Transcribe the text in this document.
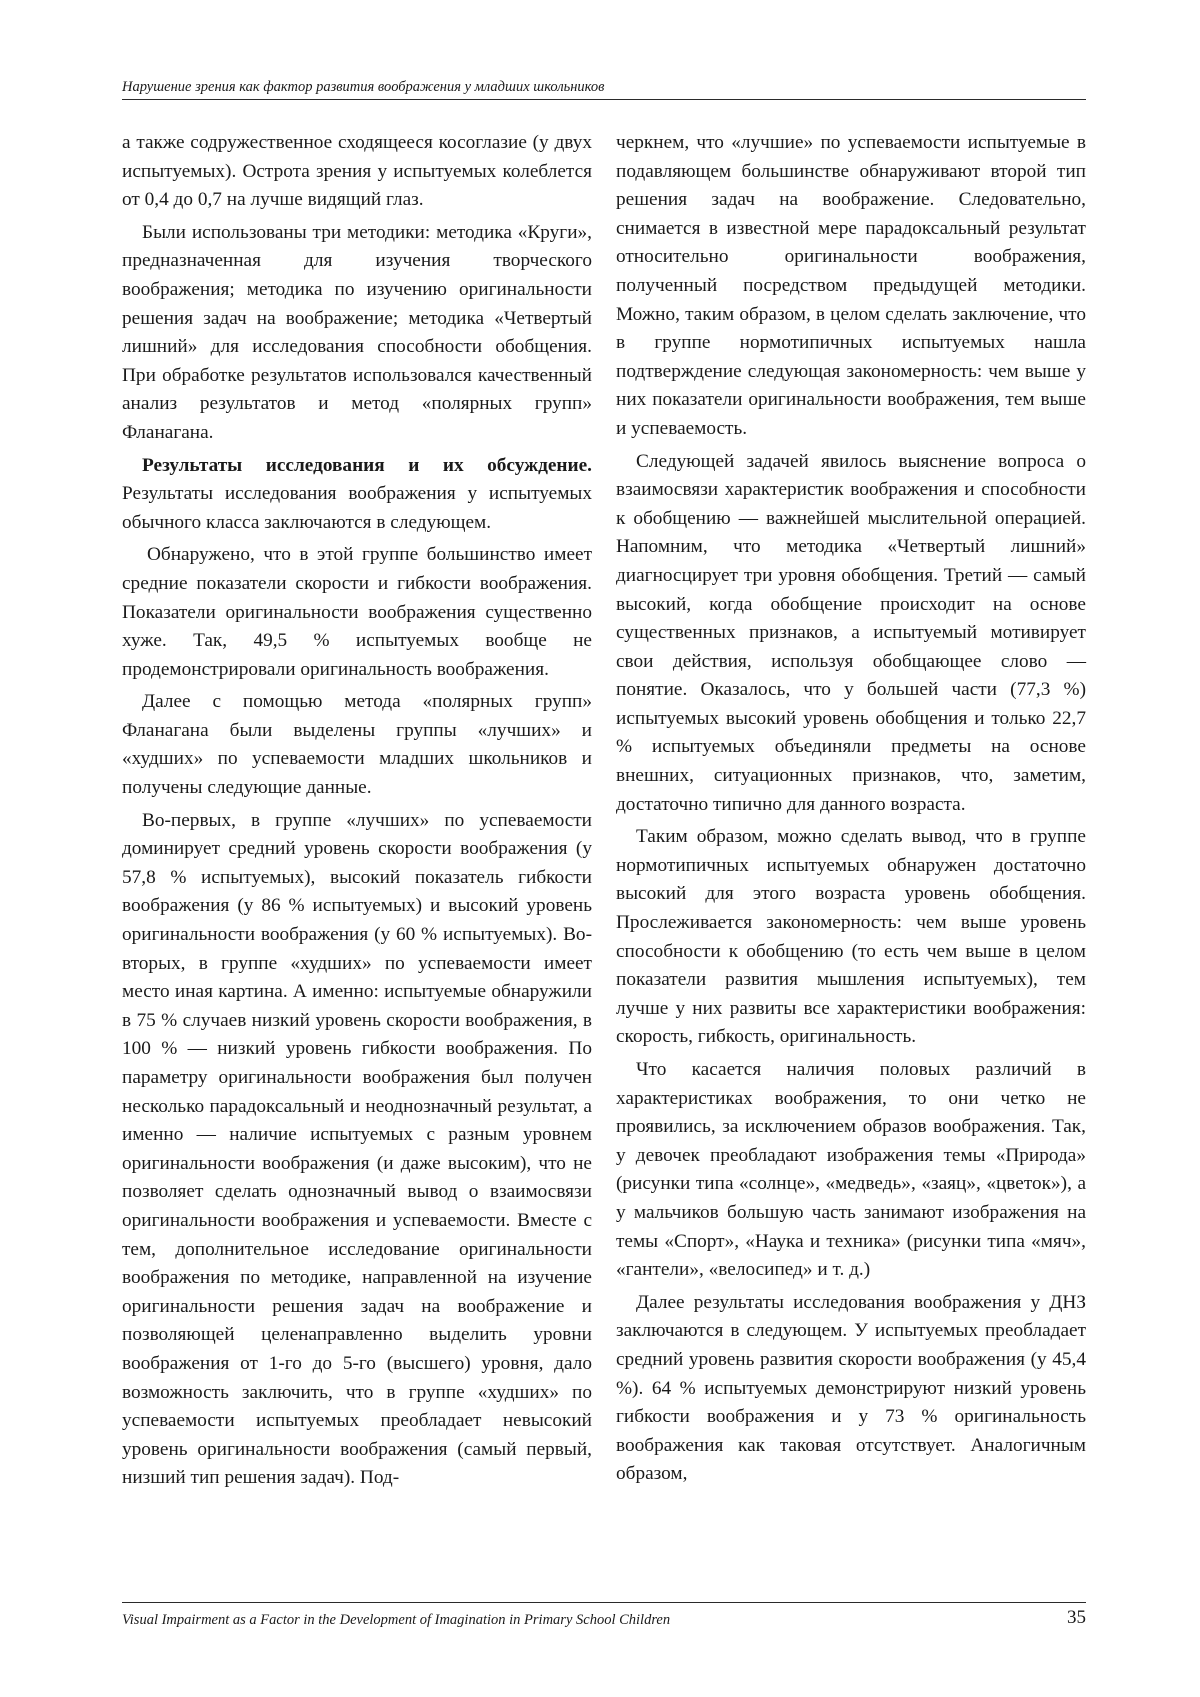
Нарушение зрения как фактор развития воображения у младших школьников

а также содружественное сходящееся косоглазие (у двух испытуемых). Острота зрения у испытуемых колеблется от 0,4 до 0,7 на лучше видящий глаз.

Были использованы три методики: методика «Круги», предназначенная для изучения творческого воображения; методика по изучению оригинальности решения задач на воображение; методика «Четвертый лишний» для исследования способности обобщения. При обработке результатов использовался качественный анализ результатов и метод «полярных групп» Фланагана.

Результаты исследования и их обсуждение. Результаты исследования воображения у испытуемых обычного класса заключаются в следующем.

Обнаружено, что в этой группе большинство имеет средние показатели скорости и гибкости воображения. Показатели оригинальности воображения существенно хуже. Так, 49,5 % испытуемых вообще не продемонстрировали оригинальность воображения.

Далее с помощью метода «полярных групп» Фланагана были выделены группы «лучших» и «худших» по успеваемости младших школьников и получены следующие данные.

Во-первых, в группе «лучших» по успеваемости доминирует средний уровень скорости воображения (у 57,8 % испытуемых), высокий показатель гибкости воображения (у 86 % испытуемых) и высокий уровень оригинальности воображения (у 60 % испытуемых). Во-вторых, в группе «худших» по успеваемости имеет место иная картина. А именно: испытуемые обнаружили в 75 % случаев низкий уровень скорости воображения, в 100 % — низкий уровень гибкости воображения. По параметру оригинальности воображения был получен несколько парадоксальный и неоднозначный результат, а именно — наличие испытуемых с разным уровнем оригинальности воображения (и даже высоким), что не позволяет сделать однозначный вывод о взаимосвязи оригинальности воображения и успеваемости. Вместе с тем, дополнительное исследование оригинальности воображения по методике, направленной на изучение оригинальности решения задач на воображение и позволяющей целенаправленно выделить уровни воображения от 1-го до 5-го (высшего) уровня, дало возможность заключить, что в группе «худших» по успеваемости испытуемых преобладает невысокий уровень оригинальности воображения (самый первый, низший тип решения задач). Под-

черкнем, что «лучшие» по успеваемости испытуемые в подавляющем большинстве обнаруживают второй тип решения задач на воображение. Следовательно, снимается в известной мере парадоксальный результат относительно оригинальности воображения, полученный посредством предыдущей методики. Можно, таким образом, в целом сделать заключение, что в группе нормотипичных испытуемых нашла подтверждение следующая закономерность: чем выше у них показатели оригинальности воображения, тем выше и успеваемость.

Следующей задачей явилось выяснение вопроса о взаимосвязи характеристик воображения и способности к обобщению — важнейшей мыслительной операцией. Напомним, что методика «Четвертый лишний» диагносцирует три уровня обобщения. Третий — самый высокий, когда обобщение происходит на основе существенных признаков, а испытуемый мотивирует свои действия, используя обобщающее слово — понятие. Оказалось, что у большей части (77,3 %) испытуемых высокий уровень обобщения и только 22,7 % испытуемых объединяли предметы на основе внешних, ситуационных признаков, что, заметим, достаточно типично для данного возраста.

Таким образом, можно сделать вывод, что в группе нормотипичных испытуемых обнаружен достаточно высокий для этого возраста уровень обобщения. Прослеживается закономерность: чем выше уровень способности к обобщению (то есть чем выше в целом показатели развития мышления испытуемых), тем лучше у них развиты все характеристики воображения: скорость, гибкость, оригинальность.

Что касается наличия половых различий в характеристиках воображения, то они четко не проявились, за исключением образов воображения. Так, у девочек преобладают изображения темы «Природа» (рисунки типа «солнце», «медведь», «заяц», «цветок»), а у мальчиков большую часть занимают изображения на темы «Спорт», «Наука и техника» (рисунки типа «мяч», «гантели», «велосипед» и т. д.)

Далее результаты исследования воображения у ДНЗ заключаются в следующем. У испытуемых преобладает средний уровень развития скорости воображения (у 45,4 %). 64 % испытуемых демонстрируют низкий уровень гибкости воображения и у 73 % оригинальность воображения как таковая отсутствует. Аналогичным образом,

Visual Impairment as a Factor in the Development of Imagination in Primary School Children	35
